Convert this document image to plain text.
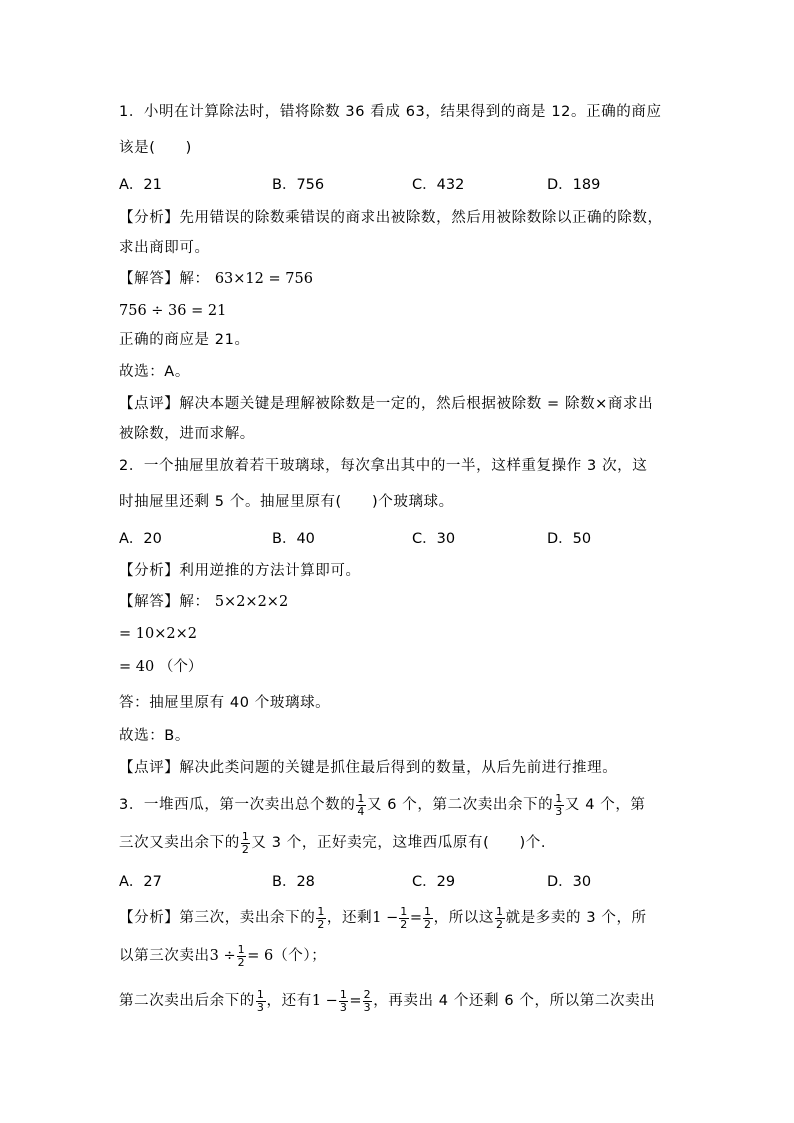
1．小明在计算除法时，错将除数 36 看成 63，结果得到的商是 12。正确的商应
该是(　　)
A．21	B．756	C．432	D．189
【分析】先用错误的除数乘错误的商求出被除数，然后用被除数除以正确的除数，
求出商即可。
【解答】解： 63×12 = 756
756 ÷ 36 = 21
正确的商应是 21。
故选：A。
【点评】解决本题关键是理解被除数是一定的，然后根据被除数 = 除数×商求出
被除数，进而求解。
2．一个抽屉里放着若干玻璃球，每次拿出其中的一半，这样重复操作 3 次，这
时抽屉里还剩 5 个。抽屉里原有(　　)个玻璃球。
A．20	B．40	C．30	D．50
【分析】利用逆推的方法计算即可。
【解答】解： 5×2×2×2
= 10×2×2
= 40 （个）
答：抽屉里原有 40 个玻璃球。
故选：B。
【点评】解决此类问题的关键是抓住最后得到的数量，从后先前进行推理。
3．一堆西瓜，第一次卖出总个数的 $\frac{1}{4}$ 又 6 个，第二次卖出余下的 $\frac{1}{3}$ 又 4 个，第
三次又卖出余下的 $\frac{1}{2}$ 又 3 个，正好卖完，这堆西瓜原有(　　)个.
A．27	B．28	C．29	D．30
【分析】第三次，卖出余下的 $\frac{1}{2}$ ，还剩$1 - \frac{1}{2} = \frac{1}{2}$ ，所以这 $\frac{1}{2}$ 就是多卖的 3 个，所
以第三次卖出$3 \div \frac{1}{2} = 6$（个）；
第二次卖出后余下的 $\frac{1}{3}$ ，还有$1 - \frac{1}{3} = \frac{2}{3}$ ，再卖出 4 个还剩 6 个，所以第二次卖出
